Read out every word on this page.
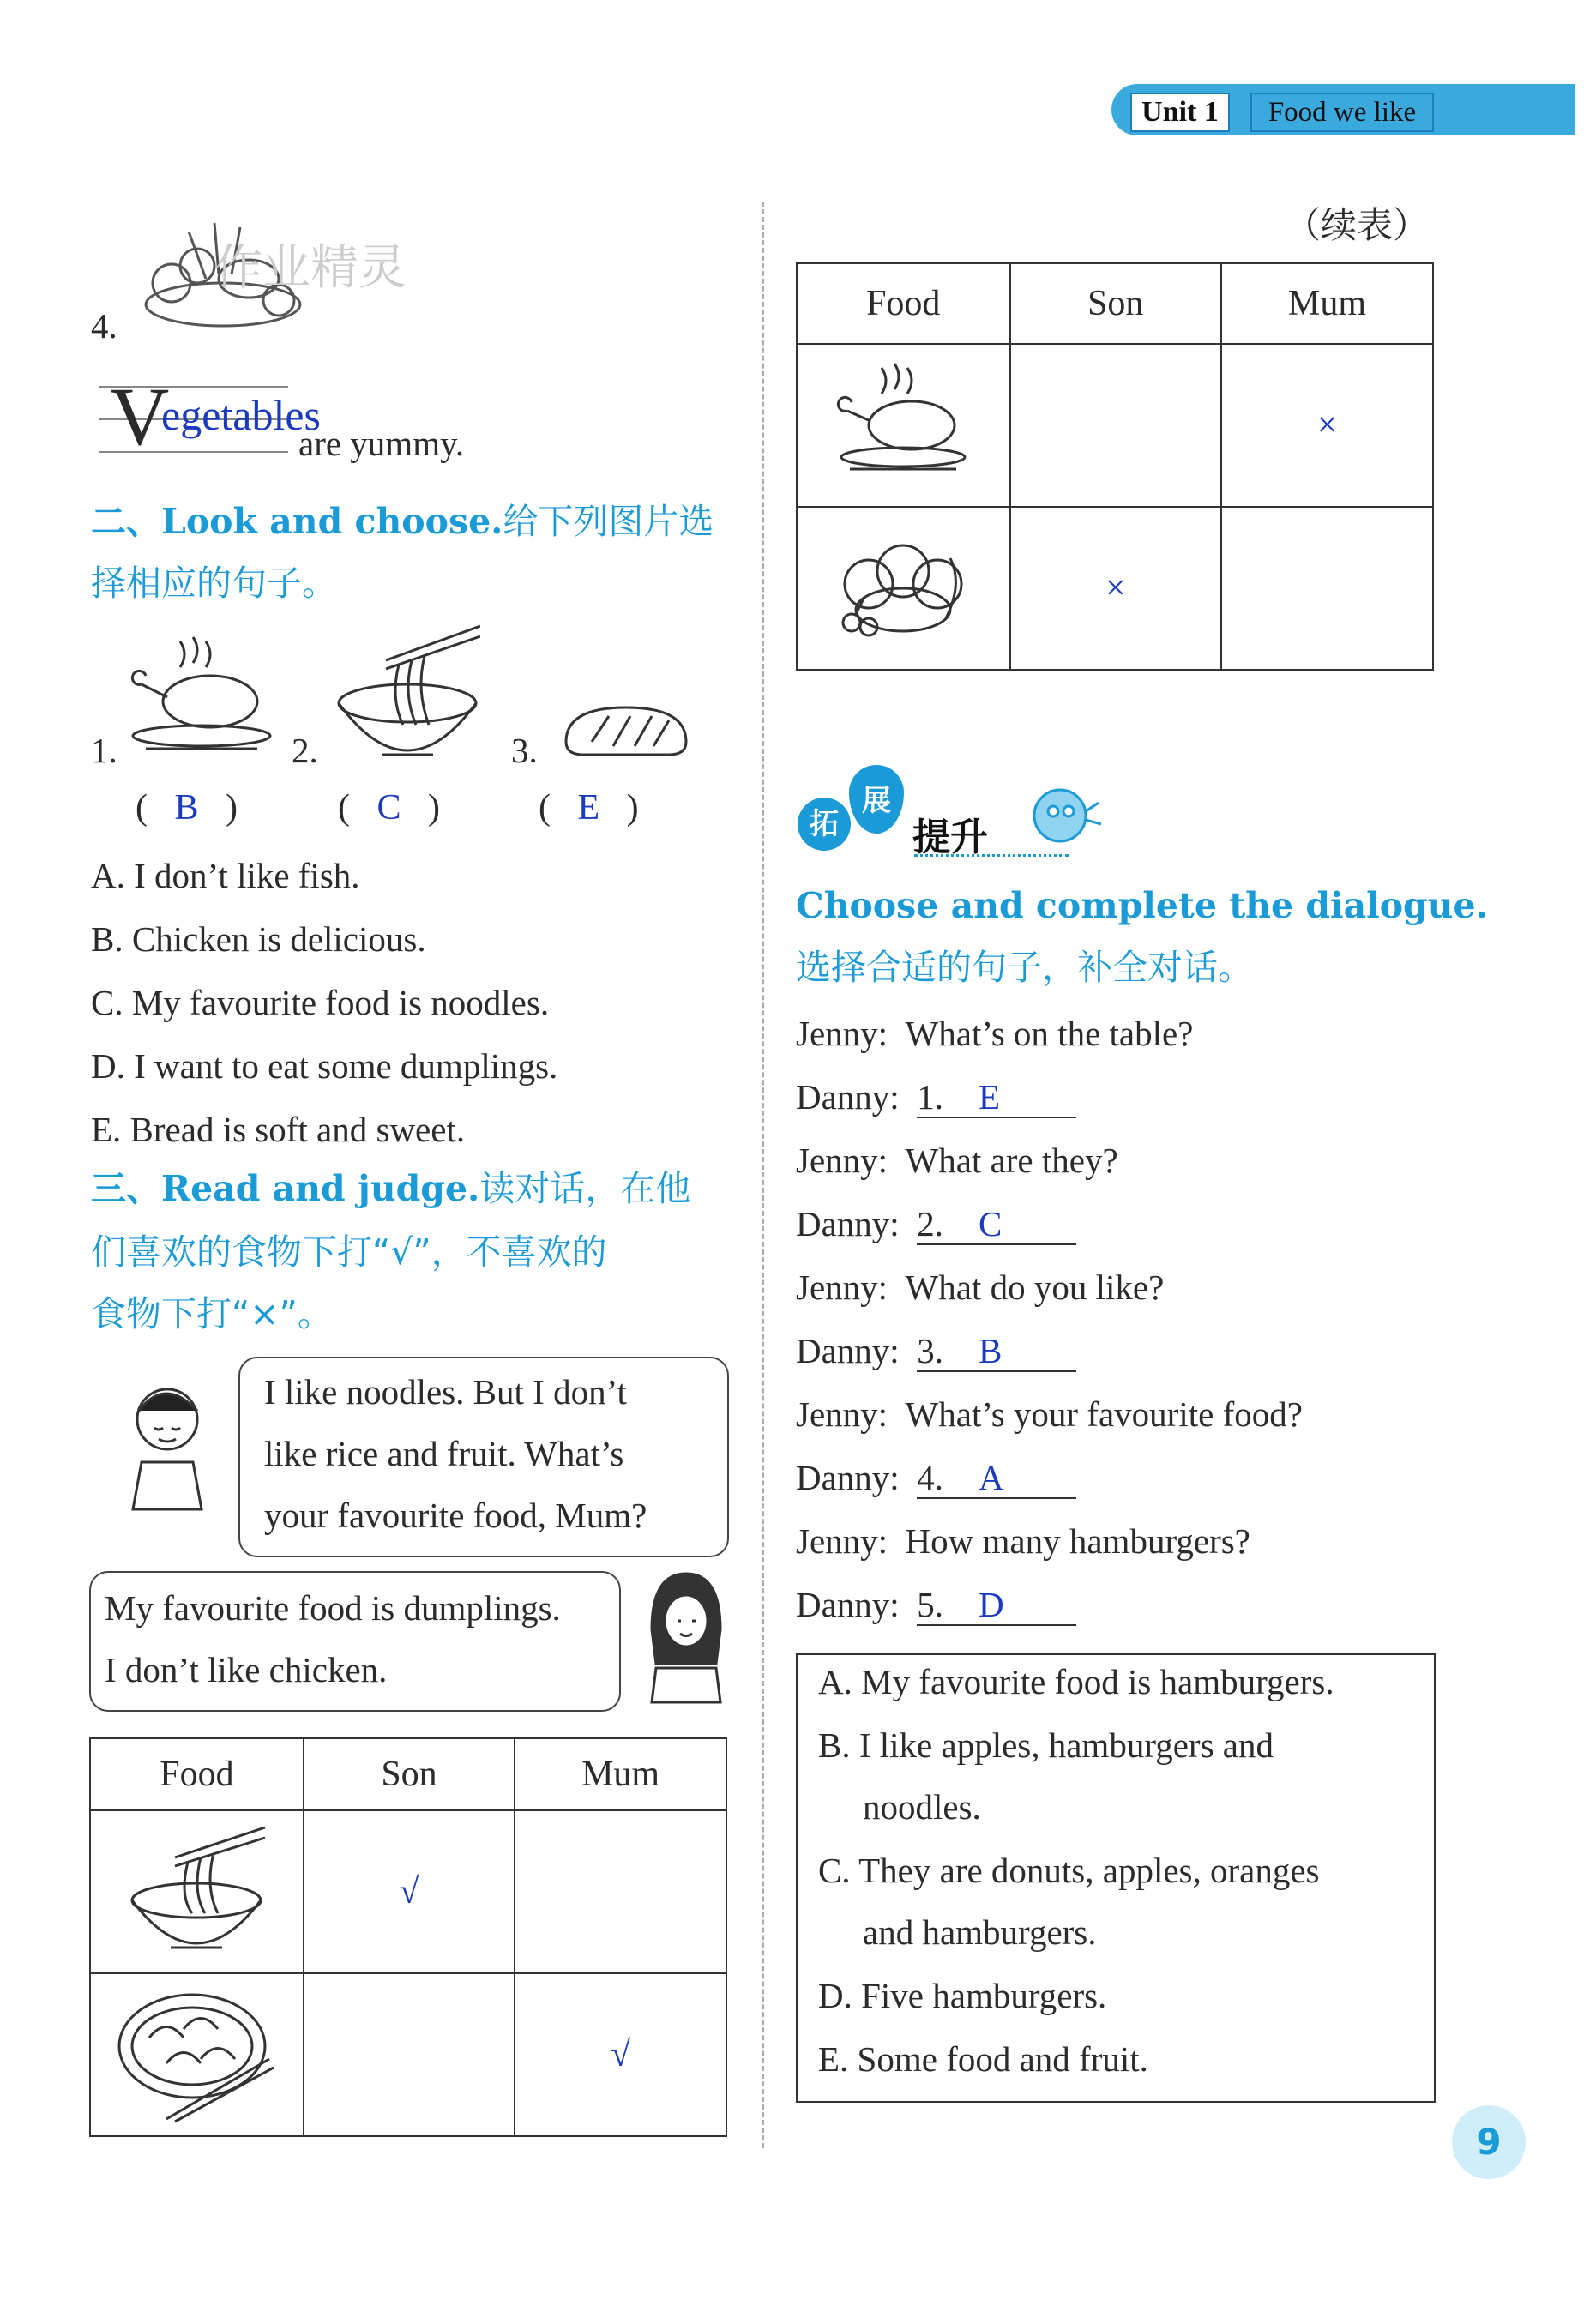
Unit 1	Food we like
作业精灵
4.
V
egetables
are yummy.
二、Look and choose.给下列图片选
择相应的句子。
1.	2.	3.
(   B   )	(   C   )	(   E   )
A. I don’t like fish.
B. Chicken is delicious.
C. My favourite food is noodles.
D. I want to eat some dumplings.
E. Bread is soft and sweet.
三、Read and judge.读对话，在他
们喜欢的食物下打“√”，不喜欢的
食物下打“×”。
I like noodles. But I don’t
like rice and fruit. What’s
your favourite food, Mum?
My favourite food is dumplings.
I don’t like chicken.
Food	Son	Mum
	√	
		√
（续表）
Food	Son	Mum
		×
	×	
拓
展
提升
Choose and complete the dialogue.
选择合适的句子，补全对话。
Jenny: What’s on the table?
Danny: 1. E
Jenny: What are they?
Danny: 2. C
Jenny: What do you like?
Danny: 3. B
Jenny: What’s your favourite food?
Danny: 4. A
Jenny: How many hamburgers?
Danny: 5. D
A. My favourite food is hamburgers.
B. I like apples, hamburgers and
noodles.
C. They are donuts, apples, oranges
and hamburgers.
D. Five hamburgers.
E. Some food and fruit.
9
